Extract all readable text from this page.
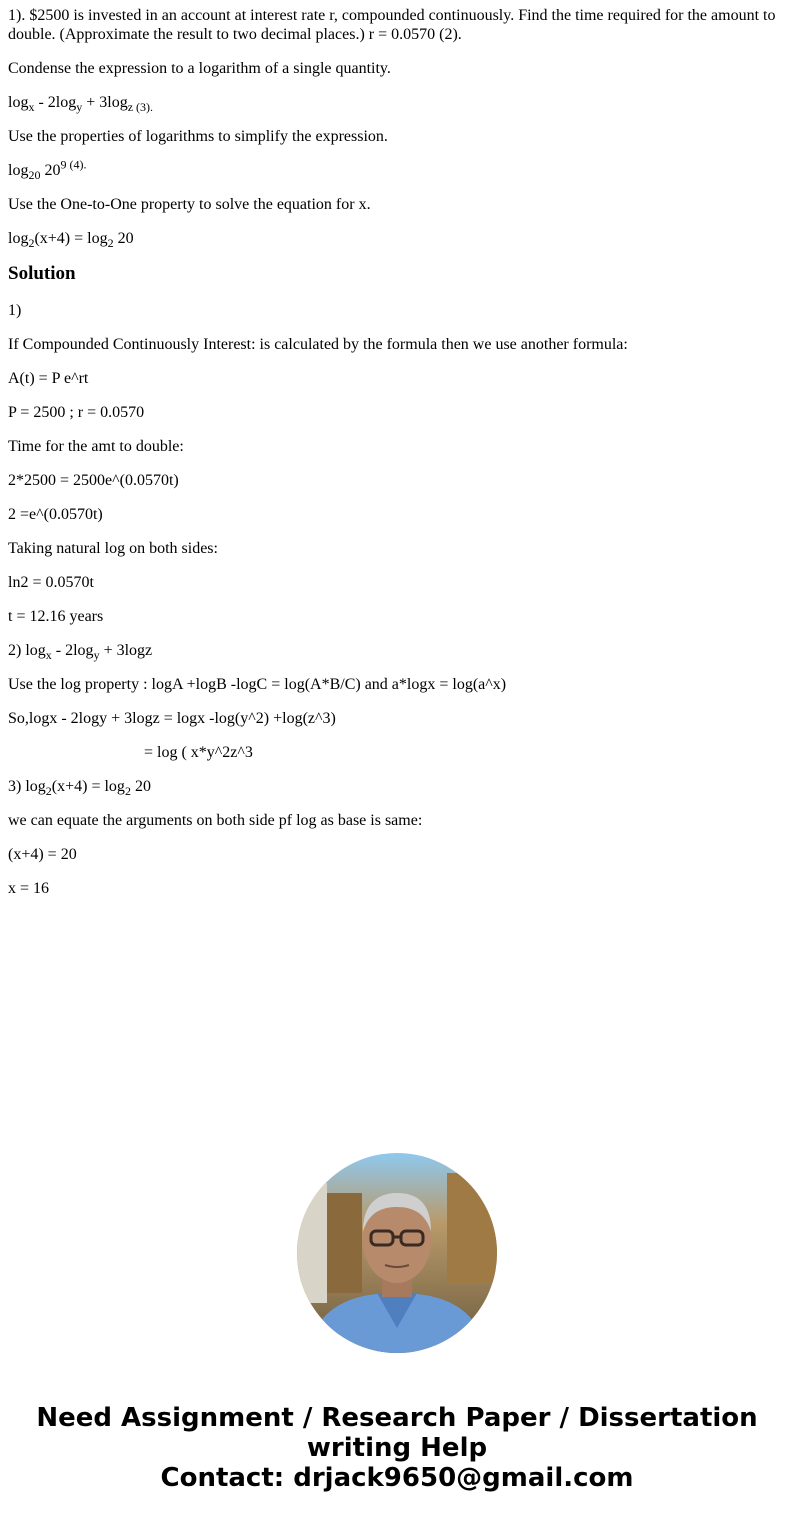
1). $2500 is invested in an account at interest rate r, compounded continuously. Find the time required for the amount to double. (Approximate the result to two decimal places.) r = 0.0570 (2).

Condense the expression to a logarithm of a single quantity.

$\log_x - 2\log_y + 3\log_z$ $_{(3).}$

Use the properties of logarithms to simplify the expression.

$\log_{20} 20^{9 (4).}$

Use the One-to-One property to solve the equation for x.

$\log_2(x+4) = \log_2 20$

Solution

1)

If Compounded Continuously Interest: is calculated by the formula then we use another formula:

A(t) = P e^rt

P = 2500 ; r = 0.0570

Time for the amt to double:

2*2500 = 2500e^(0.0570t)

2 =e^(0.0570t)

Taking natural log on both sides:

ln2 = 0.0570t

t = 12.16 years

2) $\log_x - 2\log_y + 3\log z$

Use the log property : logA +logB -logC = log(A*B/C) and a*logx = log(a^x)

So,logx - 2logy + 3logz = logx -log(y^2) +log(z^3)

= log ( x*y^2z^3

3) $\log_2(x+4) = \log_2 20$

we can equate the arguments on both side pf log as base is same:

(x+4) = 20

x = 16

Need Assignment / Research Paper / Dissertation
writing Help
Contact: drjack9650@gmail.com
